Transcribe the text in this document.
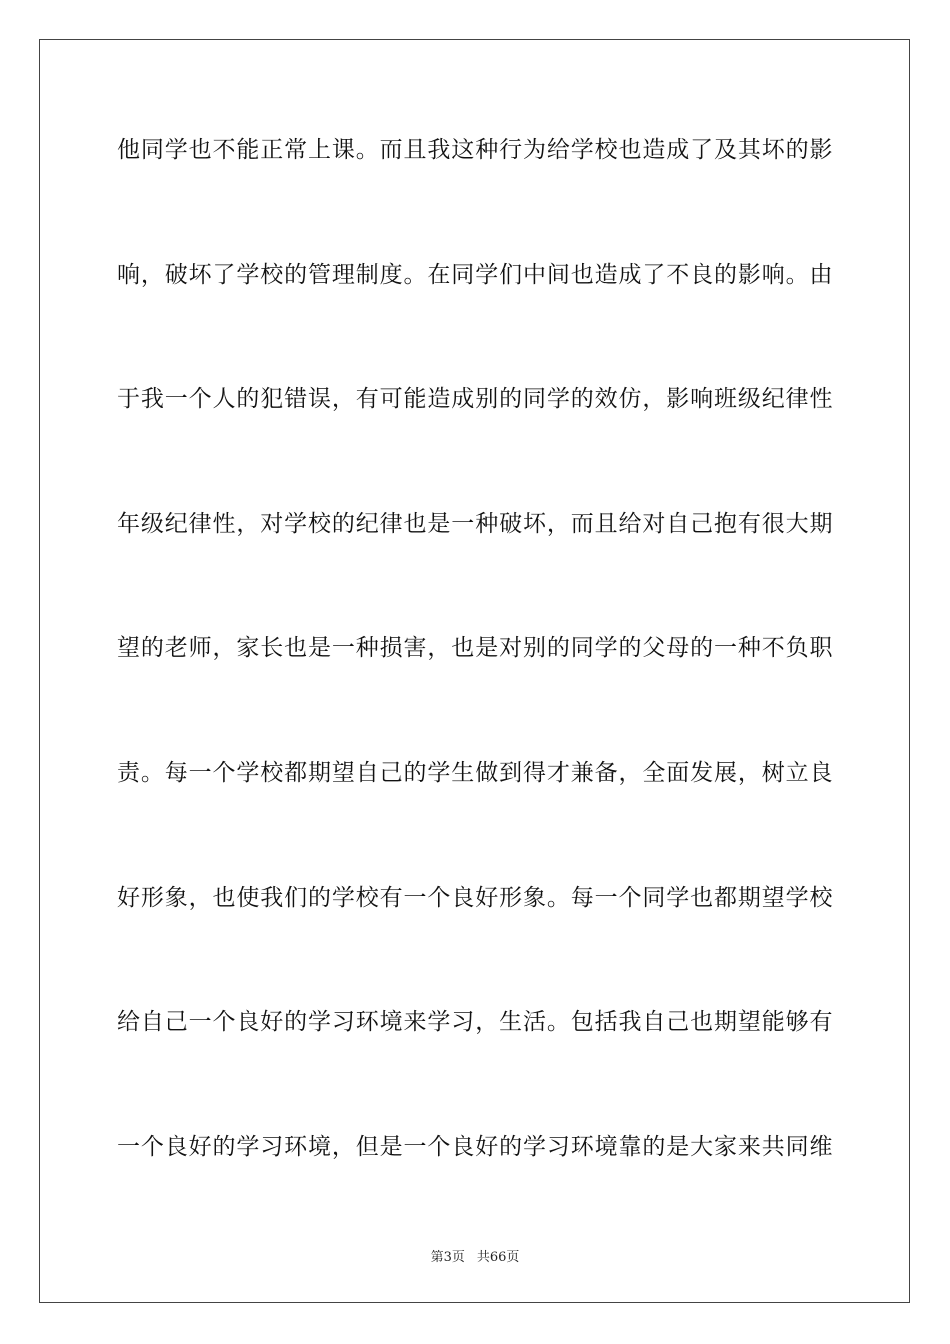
他同学也不能正常上课。而且我这种行为给学校也造成了及其坏的影
响，破坏了学校的管理制度。在同学们中间也造成了不良的影响。由
于我一个人的犯错误，有可能造成别的同学的效仿，影响班级纪律性
年级纪律性，对学校的纪律也是一种破坏，而且给对自己抱有很大期
望的老师，家长也是一种损害，也是对别的同学的父母的一种不负职
责。每一个学校都期望自己的学生做到得才兼备，全面发展，树立良
好形象，也使我们的学校有一个良好形象。每一个同学也都期望学校
给自己一个良好的学习环境来学习，生活。包括我自己也期望能够有
一个良好的学习环境，但是一个良好的学习环境靠的是大家来共同维
第3页 共66页
